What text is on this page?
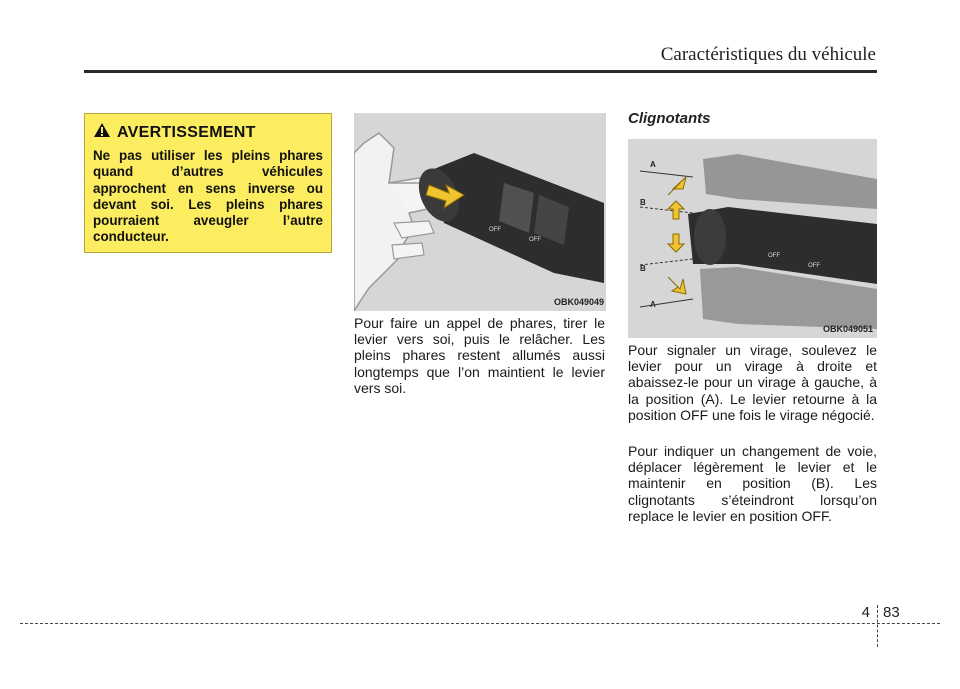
Caractéristiques du véhicule
AVERTISSEMENT
Ne pas utiliser les pleins phares quand d’autres véhicules approchent en sens inverse ou devant soi. Les pleins phares pourraient aveugler l’autre conducteur.	OFF
OFF
OBK049049

Pour faire un appel de phares, tirer le levier vers soi, puis le relâcher. Les pleins phares restent allumés aussi longtemps que l’on maintient le levier vers soi.

Clignotants
A
B
B
A
OFF
OFF
OBK049051

Pour signaler un virage, soulevez le levier pour un virage à droite et abaissez-le pour un virage à gauche, à la position (A). Le levier retourne à la position OFF une fois le virage négocié.

Pour indiquer un changement de voie, déplacer légèrement le levier et le maintenir en position (B). Les clignotants s’éteindront lorsqu’on replace le levier en position OFF.

4 83
